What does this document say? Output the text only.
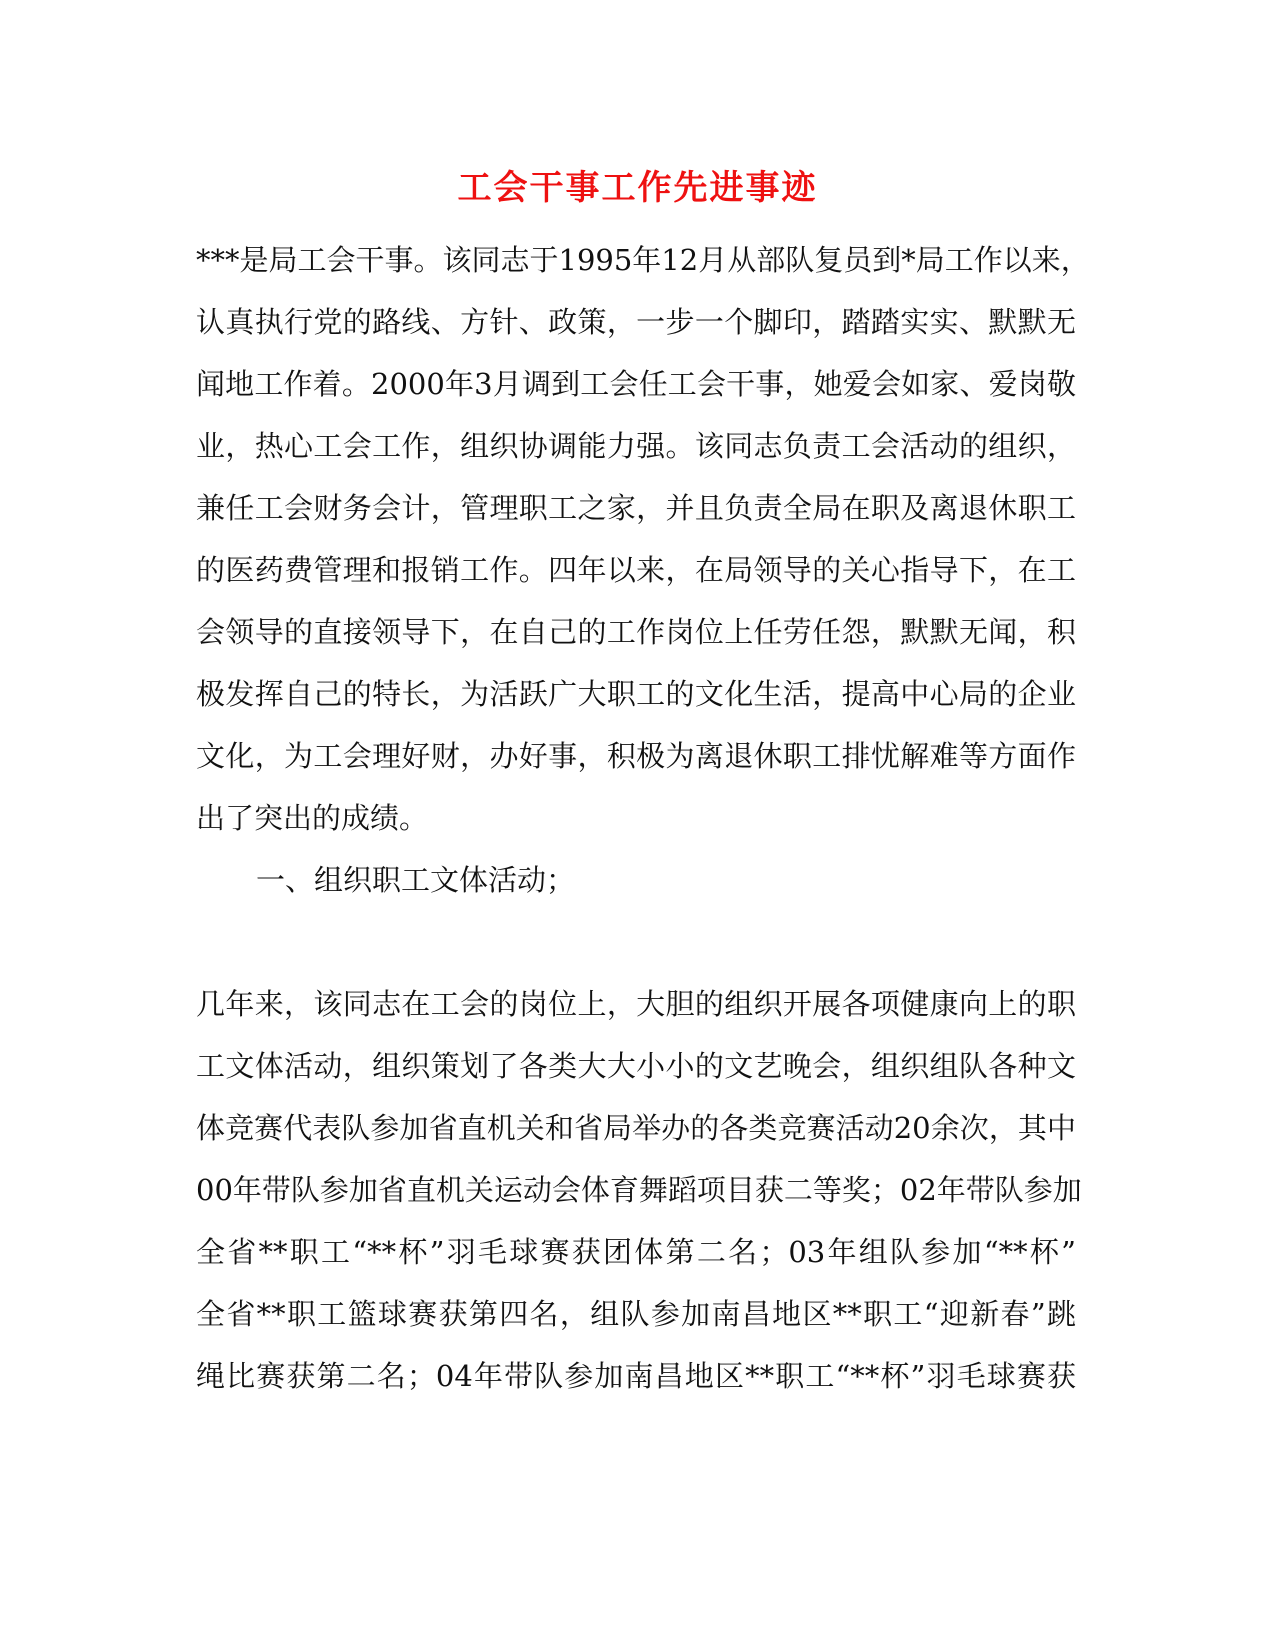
工会干事工作先进事迹
***是局工会干事。该同志于1995年12月从部队复员到*局工作以来，
认真执行党的路线、方针、政策，一步一个脚印，踏踏实实、默默无
闻地工作着。2000年3月调到工会任工会干事，她爱会如家、爱岗敬
业，热心工会工作，组织协调能力强。该同志负责工会活动的组织，
兼任工会财务会计，管理职工之家，并且负责全局在职及离退休职工
的医药费管理和报销工作。四年以来，在局领导的关心指导下，在工
会领导的直接领导下，在自己的工作岗位上任劳任怨，默默无闻，积
极发挥自己的特长，为活跃广大职工的文化生活，提高中心局的企业
文化，为工会理好财，办好事，积极为离退休职工排忧解难等方面作
出了突出的成绩。
一、组织职工文体活动；
几年来，该同志在工会的岗位上，大胆的组织开展各项健康向上的职
工文体活动，组织策划了各类大大小小的文艺晚会，组织组队各种文
体竞赛代表队参加省直机关和省局举办的各类竞赛活动20余次，其中
00年带队参加省直机关运动会体育舞蹈项目获二等奖；02年带队参加
全省**职工“**杯”羽毛球赛获团体第二名；03年组队参加“**杯”
全省**职工篮球赛获第四名，组队参加南昌地区**职工“迎新春”跳
绳比赛获第二名；04年带队参加南昌地区**职工“**杯”羽毛球赛获
